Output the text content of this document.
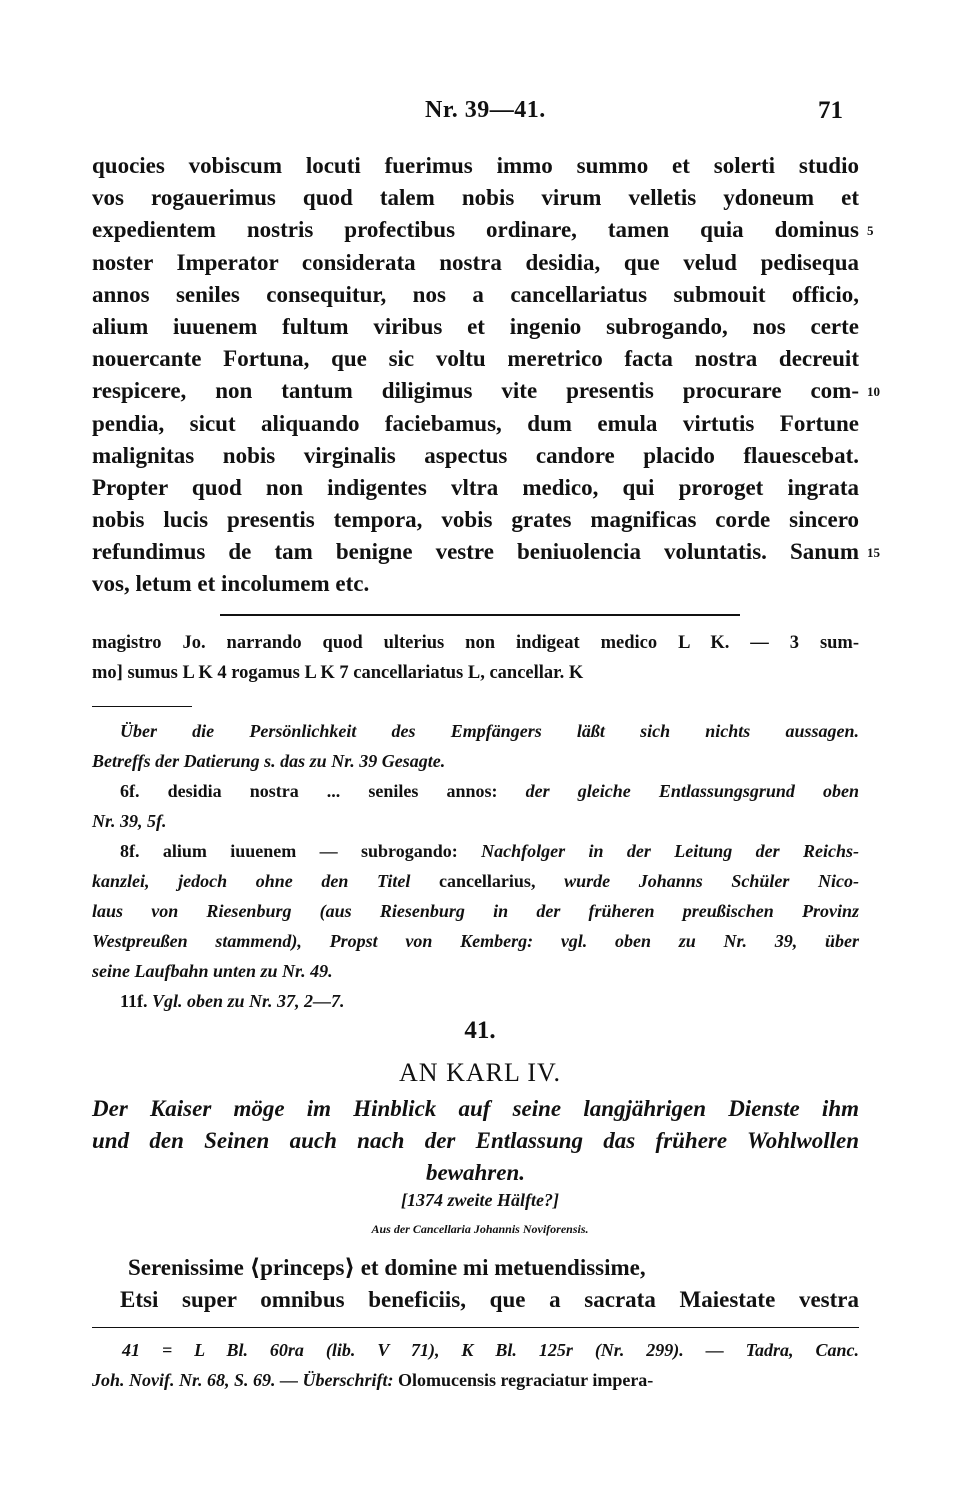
Nr. 39—41.	71
quocies vobiscum locuti fuerimus immo summo et solerti studio
vos rogauerimus quod talem nobis virum velletis ydoneum et
expedientem nostris profectibus ordinare, tamen quia dominus 5
noster Imperator considerata nostra desidia, que velud pedisequa
annos seniles consequitur, nos a cancellariatus submouit officio,
alium iuuenem fultum viribus et ingenio subrogando, nos certe
nouercante Fortuna, que sic voltu meretrico facta nostra decreuit
respicere, non tantum diligimus vite presentis procurare com- 10
pendia, sicut aliquando faciebamus, dum emula virtutis Fortune
malignitas nobis virginalis aspectus candore placido flauescebat.
Propter quod non indigentes vltra medico, qui proroget ingrata
nobis lucis presentis tempora, vobis grates magnificas corde sincero
refundimus de tam benigne vestre beniuolencia voluntatis. Sanum 15
vos, letum et incolumem etc.
magistro Jo. narrando quod ulterius non indigeat medico L K. — 3 sum-
mo] sumus L K 4 rogamus L K 7 cancellariatus L, cancellar. K
Über die Persönlichkeit des Empfängers läßt sich nichts aussagen.
Betreffs der Datierung s. das zu Nr. 39 Gesagte.
6f. desidia nostra ... seniles annos: der gleiche Entlassungsgrund oben
Nr. 39, 5f.
8f. alium iuuenem — subrogando: Nachfolger in der Leitung der Reichs-
kanzlei, jedoch ohne den Titel cancellarius, wurde Johanns Schüler Nico-
laus von Riesenburg (aus Riesenburg in der früheren preußischen Provinz
Westpreußen stammend), Propst von Kemberg: vgl. oben zu Nr. 39, über
seine Laufbahn unten zu Nr. 49.
11f. Vgl. oben zu Nr. 37, 2—7.
41.
AN KARL IV.
Der Kaiser möge im Hinblick auf seine langjährigen Dienste ihm
und den Seinen auch nach der Entlassung das frühere Wohlwollen
bewahren.
[1374 zweite Hälfte?]
Aus der Cancellaria Johannis Noviforensis.
Serenissime ⟨princeps⟩ et domine mi metuendissime,
Etsi super omnibus beneficiis, que a sacrata Maiestate vestra
41 = L Bl. 60ra (lib. V 71), K Bl. 125r (Nr. 299). — Tadra, Canc.
Joh. Novif. Nr. 68, S. 69. — Überschrift: Olomucensis regraciatur impera-
